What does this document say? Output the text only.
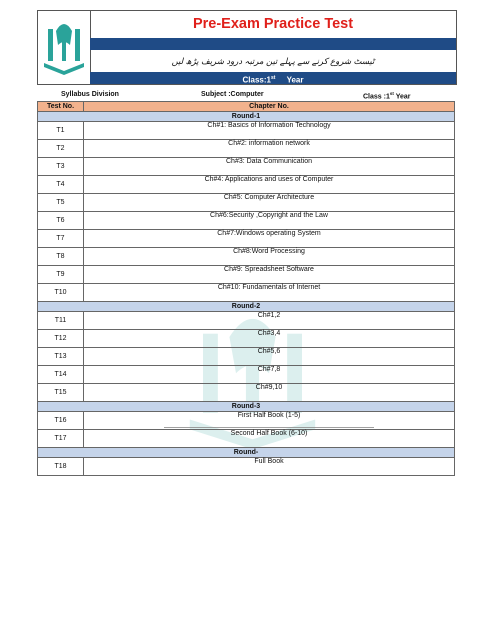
Pre-Exam Practice Test
ٹیسٹ شروع کرنے سے پہلے تین مرتبہ درود شریف پڑھ لیں
Class:1st Year
Syllabus Division	Subject :Computer	Class :1st Year
Test No.	Chapter No.
Round-1	
T1	Ch#1: Basics of Information Technology
T2	Ch#2: information network
T3	Ch#3: Data Communication
T4	Ch#4: Applications and uses of Computer
T5	Ch#5: Computer Architecture
T6	Ch#6:Security ,Copyright and the Law
T7	Ch#7:Windows operating System
T8	Ch#8:Word Processing
T9	Ch#9: Spreadsheet Software
T10	Ch#10: Fundamentals of Internet
Round-2	
T11	Ch#1,2
T12	Ch#3,4
T13	Ch#5,6
T14	Ch#7,8
T15	Ch#9,10
Round-3	
T16	First Half Book (1-5)
T17	Second Half Book (6-10)
Round-	
T18	Full Book
